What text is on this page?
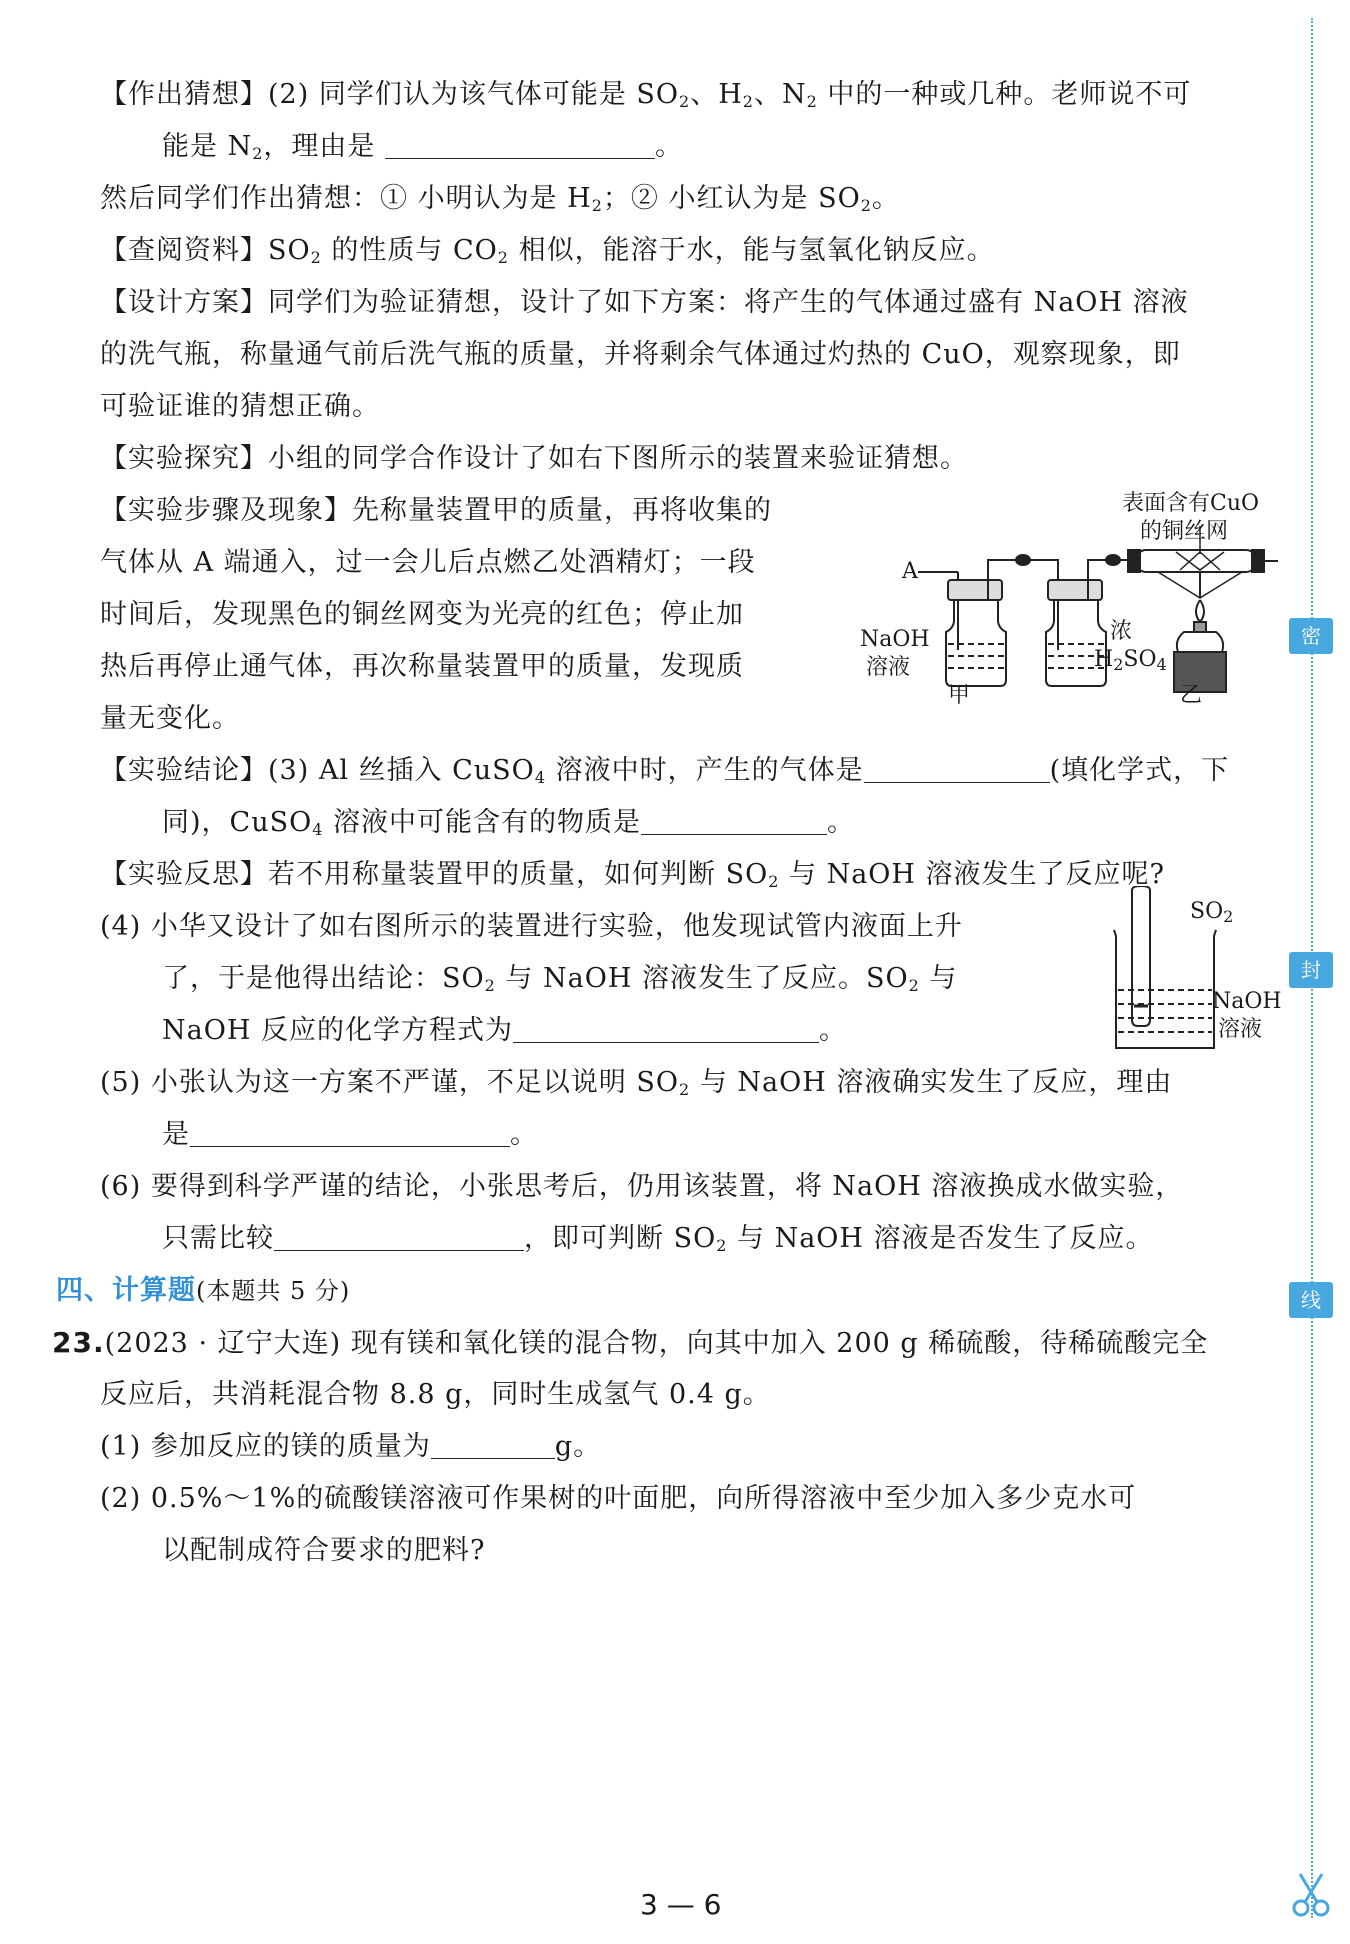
密
封
线
【作出猜想】(2) 同学们认为该气体可能是 $SO_2$、$H_2$、$N_2$ 中的一种或几种。老师说不可
能是 $N_2$，理由是	。
然后同学们作出猜想：① 小明认为是 $H_2$；② 小红认为是 $SO_2$。
【查阅资料】$SO_2$ 的性质与 $CO_2$ 相似，能溶于水，能与氢氧化钠反应。
【设计方案】同学们为验证猜想，设计了如下方案：将产生的气体通过盛有 NaOH 溶液
的洗气瓶，称量通气前后洗气瓶的质量，并将剩余气体通过灼热的 CuO，观察现象，即
可验证谁的猜想正确。
【实验探究】小组的同学合作设计了如右下图所示的装置来验证猜想。
【实验步骤及现象】先称量装置甲的质量，再将收集的
气体从 A 端通入，过一会儿后点燃乙处酒精灯；一段
时间后，发现黑色的铜丝网变为光亮的红色；停止加
热后再停止通气体，再次称量装置甲的质量，发现质
量无变化。
表面含有CuO
的铜丝网
A
NaOH
溶液
甲
浓
$H_2SO_4$
乙
【实验结论】(3) Al 丝插入 CuSO$_4$ 溶液中时，产生的气体是	(填化学式，下
同)，CuSO$_4$ 溶液中可能含有的物质是	。
【实验反思】若不用称量装置甲的质量，如何判断 $SO_2$ 与 NaOH 溶液发生了反应呢?
(4) 小华又设计了如右图所示的装置进行实验，他发现试管内液面上升
了，于是他得出结论：$SO_2$ 与 NaOH 溶液发生了反应。$SO_2$ 与
NaOH 反应的化学方程式为	。
$SO_2$
NaOH
溶液
(5) 小张认为这一方案不严谨，不足以说明 $SO_2$ 与 NaOH 溶液确实发生了反应，理由
是	。
(6) 要得到科学严谨的结论，小张思考后，仍用该装置，将 NaOH 溶液换成水做实验，
只需比较	，即可判断 $SO_2$ 与 NaOH 溶液是否发生了反应。
四、计算题(本题共 5 分)
23.(2023 · 辽宁大连) 现有镁和氧化镁的混合物，向其中加入 200 g 稀硫酸，待稀硫酸完全
反应后，共消耗混合物 8.8 g，同时生成氢气 0.4 g。
(1) 参加反应的镁的质量为	g。
(2) 0.5%～1%的硫酸镁溶液可作果树的叶面肥，向所得溶液中至少加入多少克水可
以配制成符合要求的肥料?
3 — 6
